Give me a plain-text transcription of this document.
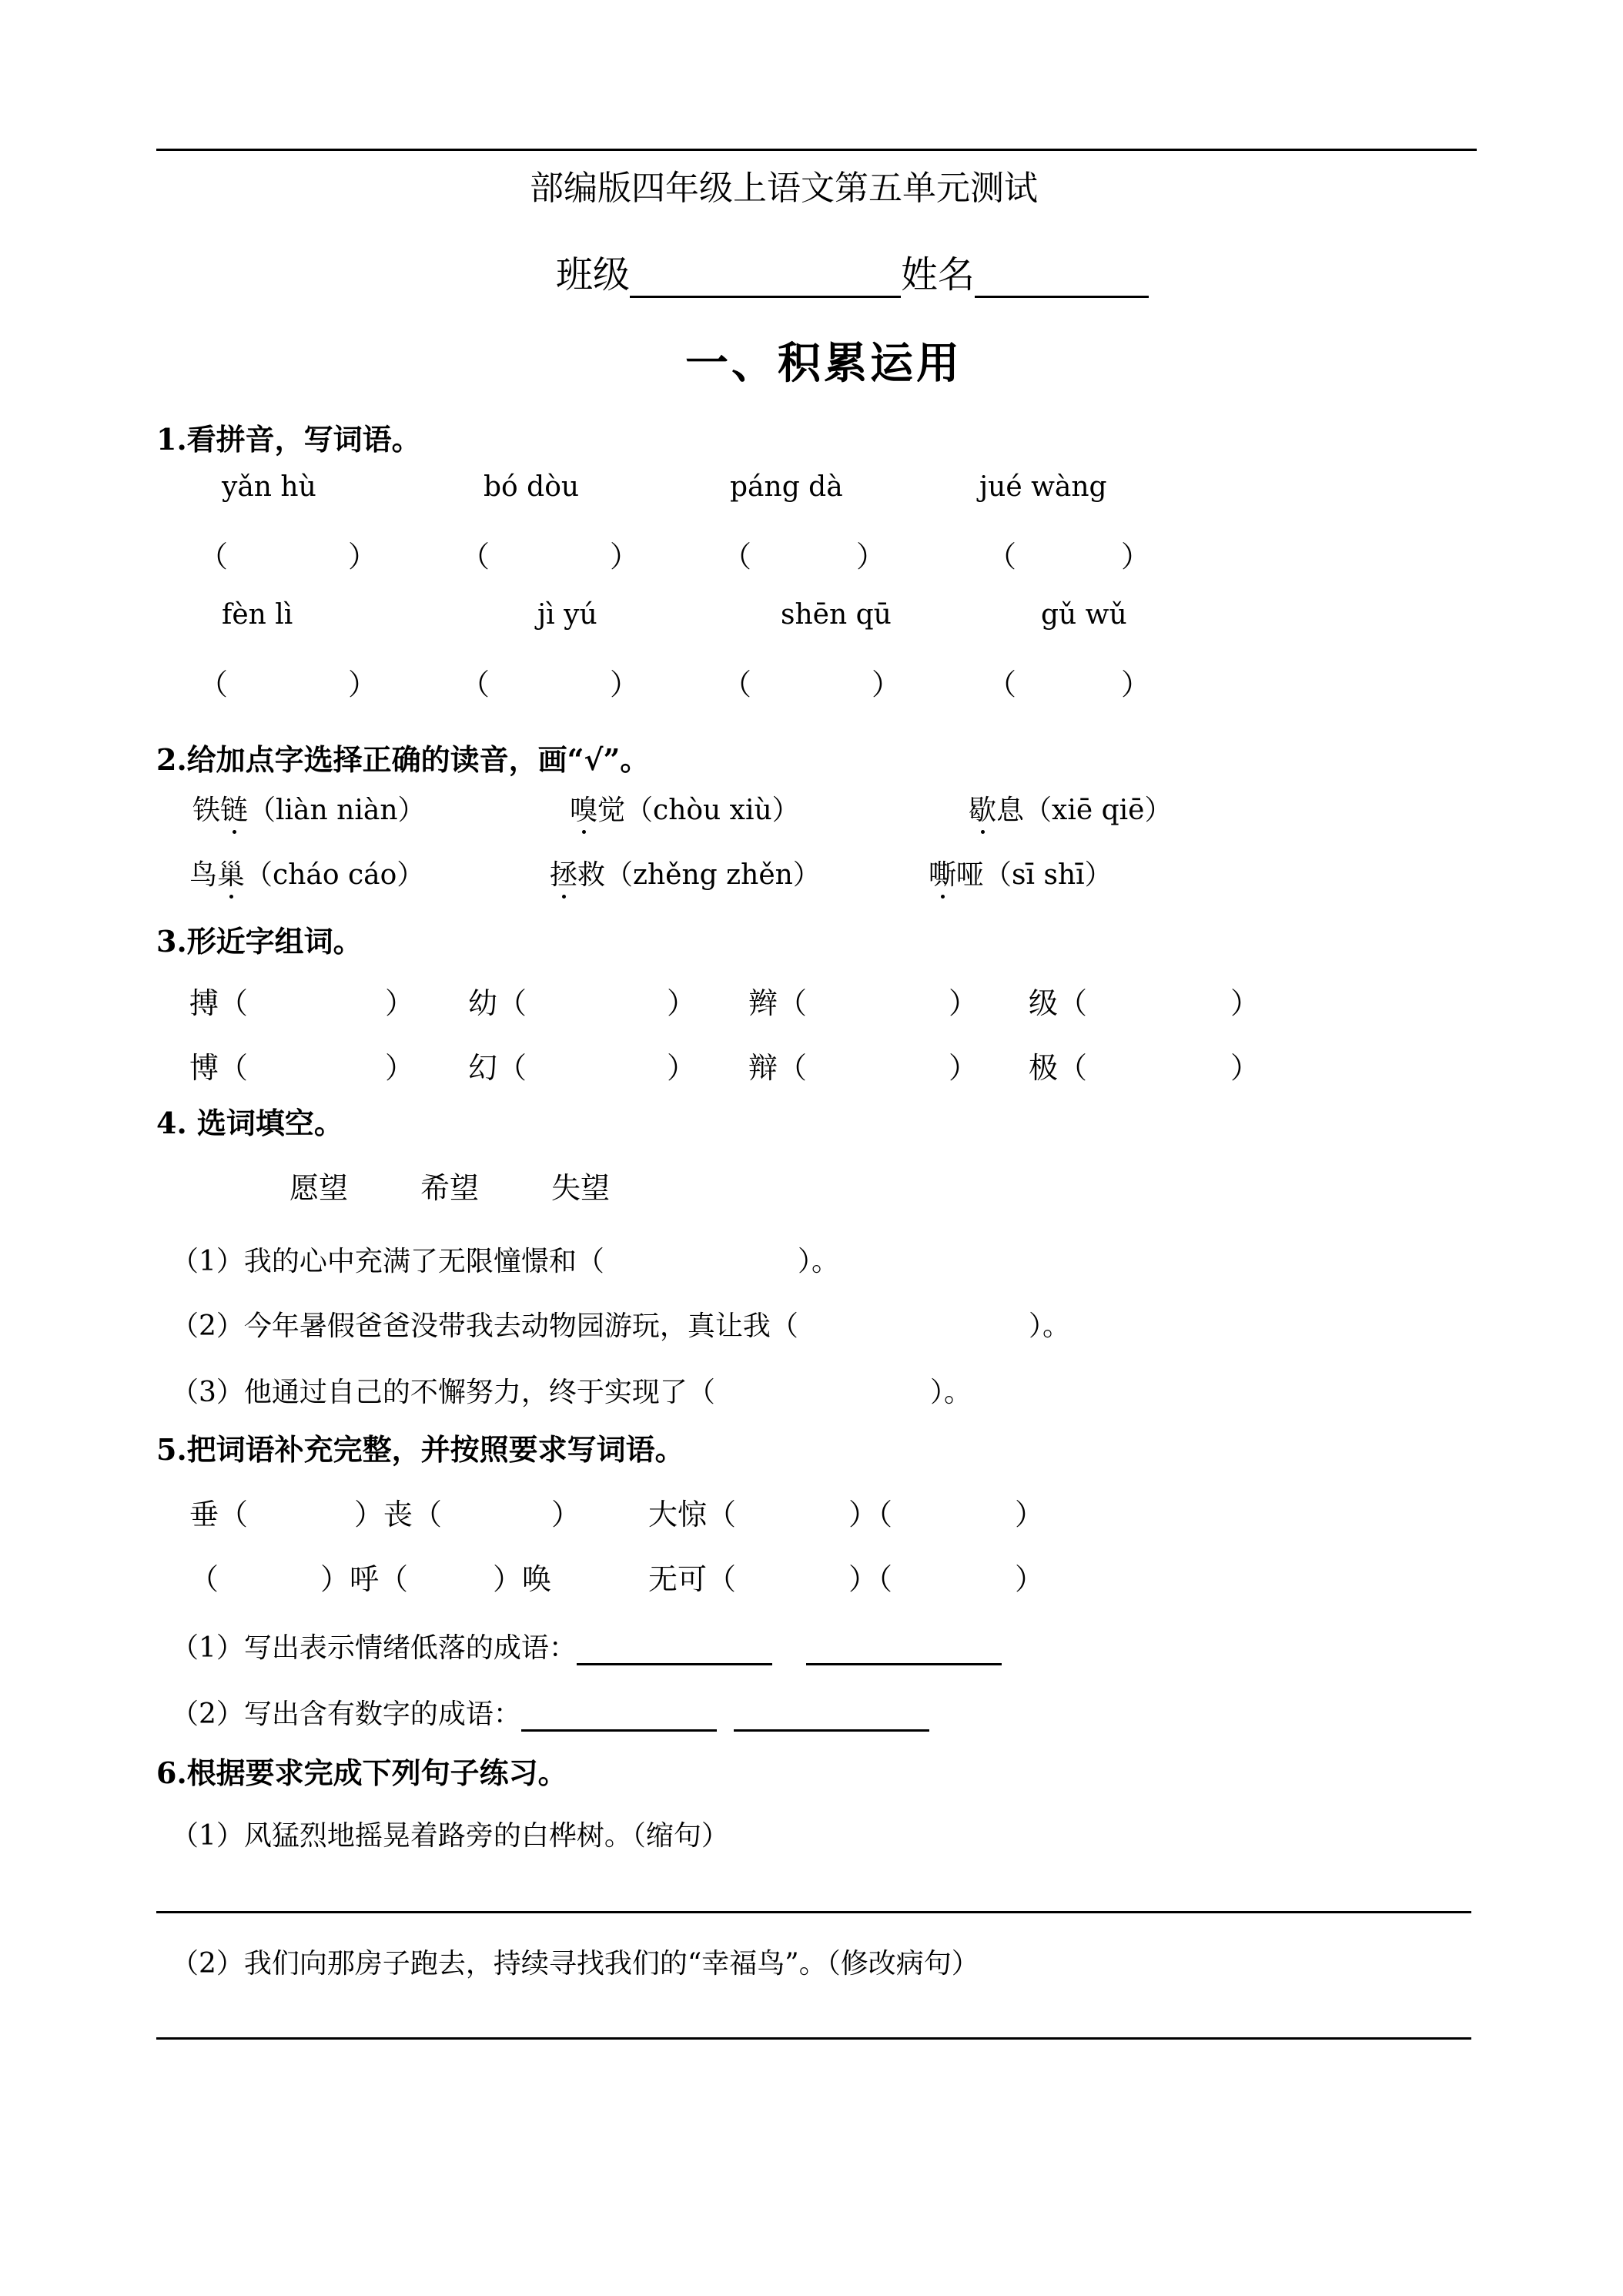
部编版四年级上语文第五单元测试
班级	姓名
一、积累运用
1.看拼音，写词语。
yǎn hù	bó dòu	páng dà	jué wàng
（	）	（	）	（	）	（	）
fèn lì	jì yú	shēn qū	gǔ wǔ
（	）	（	）	（	）	（	）
2.给加点字选择正确的读音，画“√”。
铁链（liàn niàn）	嗅觉（chòu xiù）	歇息（xiē qiē）
鸟巢（cháo cáo）	拯救（zhěng zhěn）	嘶哑（sī shī）
3.形近字组词。
搏（	） 幼（	） 辫（	） 级（	）
博（	） 幻（	） 辩（	） 极（	）
4. 选词填空。
愿望 希望 失望
（1）我的心中充满了无限憧憬和（	）。
（2）今年暑假爸爸没带我去动物园游玩，真让我（	）。
（3）他通过自己的不懈努力，终于实现了（	）。
5.把词语补充完整，并按照要求写词语。
垂（	）丧（	） 大惊（	）（	）
（	）呼（	）唤	无可（	）（	）
（1）写出表示情绪低落的成语：
（2）写出含有数字的成语：
6.根据要求完成下列句子练习。
（1）风猛烈地摇晃着路旁的白桦树。（缩句）
（2）我们向那房子跑去，持续寻找我们的“幸福鸟”。（修改病句）
